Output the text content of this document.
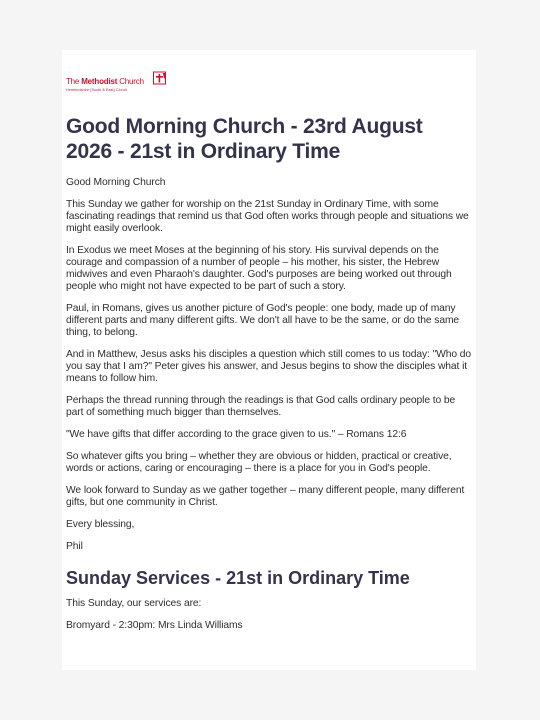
The Methodist Church
Herefordshire (South & East) Circuit
Good Morning Church - 23rd August 2026 - 21st in Ordinary Time

Good Morning Church

This Sunday we gather for worship on the 21st Sunday in Ordinary Time, with some fascinating readings that remind us that God often works through people and situations we might easily overlook.

In Exodus we meet Moses at the beginning of his story. His survival depends on the courage and compassion of a number of people – his mother, his sister, the Hebrew midwives and even Pharaoh's daughter. God's purposes are being worked out through people who might not have expected to be part of such a story.

Paul, in Romans, gives us another picture of God's people: one body, made up of many different parts and many different gifts. We don't all have to be the same, or do the same thing, to belong.

And in Matthew, Jesus asks his disciples a question which still comes to us today: "Who do you say that I am?" Peter gives his answer, and Jesus begins to show the disciples what it means to follow him.

Perhaps the thread running through the readings is that God calls ordinary people to be part of something much bigger than themselves.

"We have gifts that differ according to the grace given to us." – Romans 12:6

So whatever gifts you bring – whether they are obvious or hidden, practical or creative, words or actions, caring or encouraging – there is a place for you in God's people.

We look forward to Sunday as we gather together – many different people, many different gifts, but one community in Christ.

Every blessing,

Phil

Sunday Services - 21st in Ordinary Time

This Sunday, our services are:

Bromyard - 2:30pm: Mrs Linda Williams
